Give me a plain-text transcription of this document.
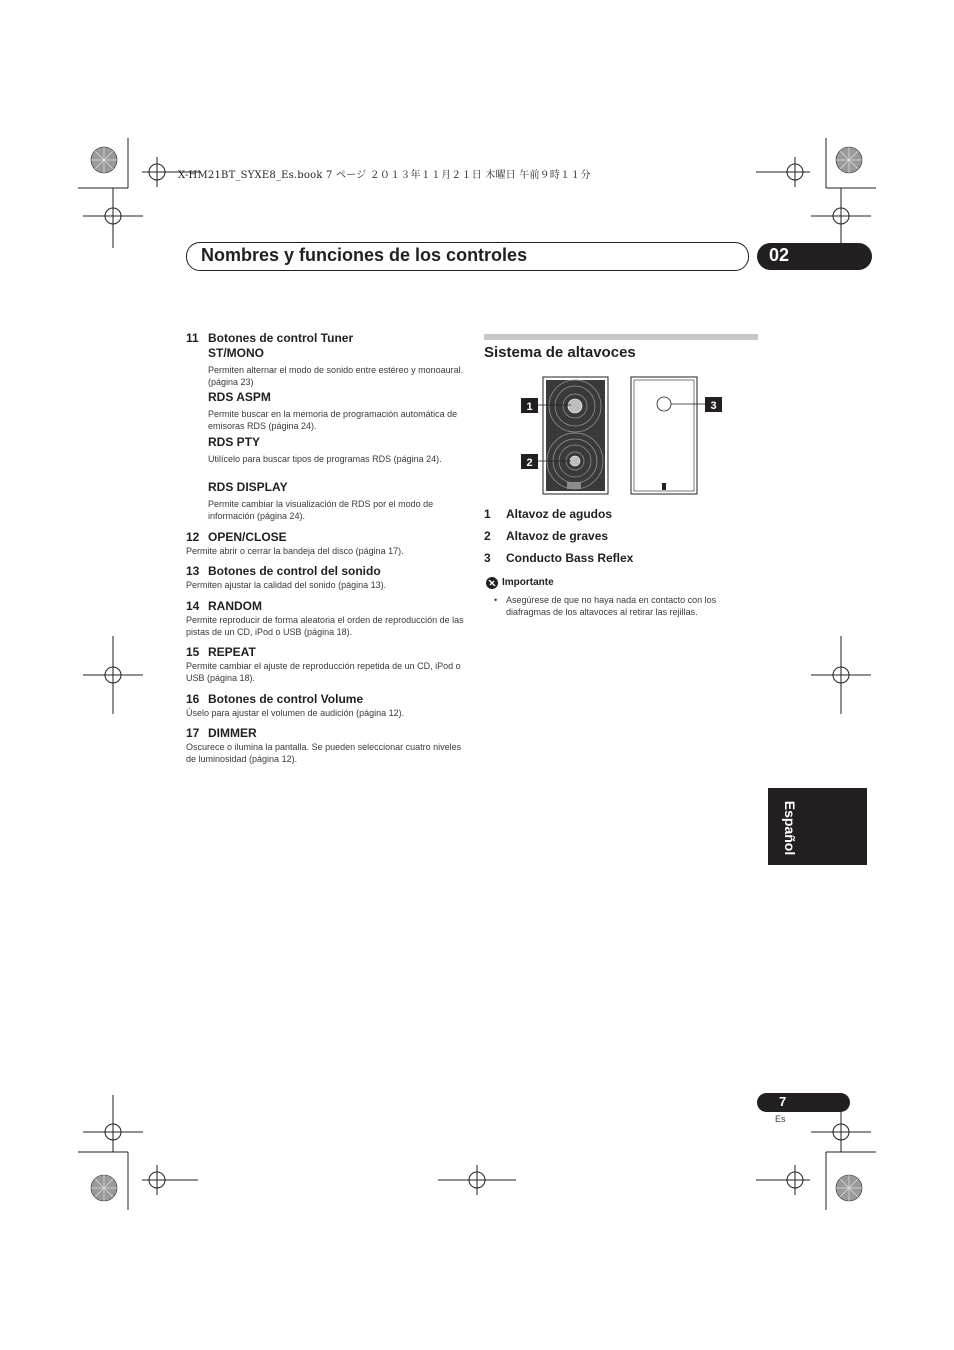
X-HM21BT_SYXE8_Es.book 7 ページ ２０１３年１１月２１日 木曜日 午前９時１１分
Nombres y funciones de los controles	02
11 Botones de control Tuner
ST/MONO
Permiten alternar el modo de sonido entre estéreo y monoaural. (página 23)
RDS ASPM
Permite buscar en la memoria de programación automática de emisoras RDS (página 24).
RDS PTY
Utilícelo para buscar tipos de programas RDS (página 24).
RDS DISPLAY
Permite cambiar la visualización de RDS por el modo de información (página 24).
12 OPEN/CLOSE
Permite abrir o cerrar la bandeja del disco (página 17).
13 Botones de control del sonido
Permiten ajustar la calidad del sonido (página 13).
14 RANDOM
Permite reproducir de forma aleatoria el orden de reproducción de las pistas de un CD, iPod o USB (página 18).
15 REPEAT
Permite cambiar el ajuste de reproducción repetida de un CD, iPod o USB (página 18).
16 Botones de control Volume
Úselo para ajustar el volumen de audición (página 12).
17 DIMMER
Oscurece o ilumina la pantalla. Se pueden seleccionar cuatro niveles de luminosidad (página 12).
Sistema de altavoces
1
2
3
1 Altavoz de agudos
2 Altavoz de graves
3 Conducto Bass Reflex
Importante
• Asegúrese de que no haya nada en contacto con los diafragmas de los altavoces al retirar las rejillas.
Español
7
Es
